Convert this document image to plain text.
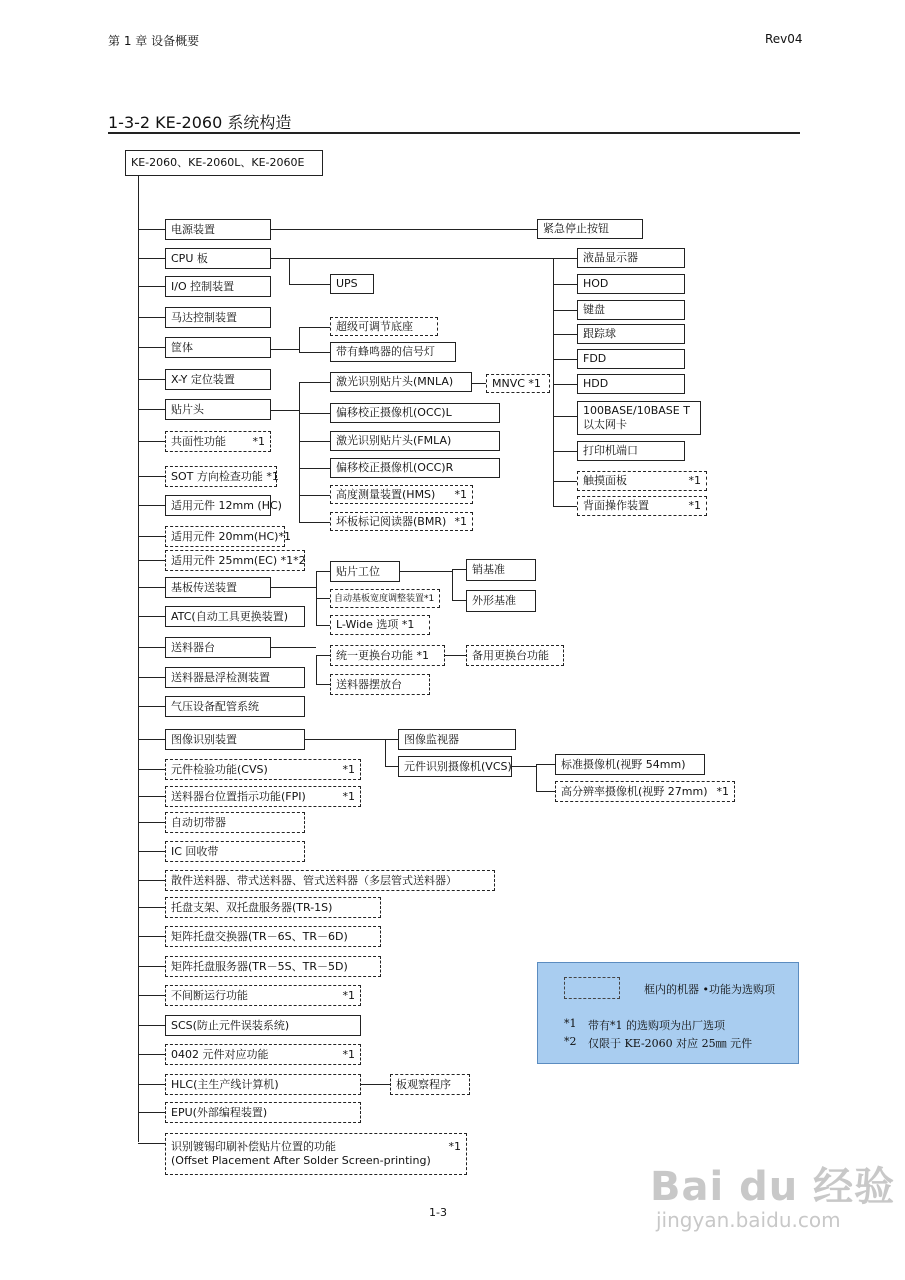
第 1 章 设备概要	Rev04
1-3-2 KE-2060 系统构造
KE-2060、KE-2060L、KE-2060E
电源装置
CPU 板
I/O 控制装置
马达控制装置
筐体
X-Y 定位装置
贴片头
共面性功能	*1
SOT 方向检查功能 *1
适用元件 12mm (HC)
适用元件 20mm(HC)*1
适用元件 25mm(EC) *1*2
基板传送装置
ATC(自动工具更换装置)
送料器台
送料器悬浮检测装置
气压设备配管系统
图像识别装置
元件检验功能(CVS)	*1
送料器台位置指示功能(FPI)	*1
自动切带器
IC 回收带
散件送料器、带式送料器、管式送料器（多层管式送料器）
托盘支架、双托盘服务器(TR-1S)
矩阵托盘交换器(TR－6S、TR－6D)
矩阵托盘服务器(TR－5S、TR－5D)
不间断运行功能	*1
SCS(防止元件误装系统)
0402 元件对应功能	*1
HLC(主生产线计算机)
EPU(外部编程装置)
识别镀锡印刷补偿贴片位置的功能	*1
(Offset Placement After Solder Screen-printing)
紧急停止按钮
UPS
超级可调节底座
带有蜂鸣器的信号灯
激光识别贴片头(MNLA)	MNVC *1
偏移校正摄像机(OCC)L
激光识别贴片头(FMLA)
偏移校正摄像机(OCC)R
高度测量装置(HMS)	*1
坏板标记阅读器(BMR) *1
液晶显示器
HOD
键盘
跟踪球
FDD
HDD
100BASE/10BASE T
以太网卡
打印机端口
触摸面板	*1
背面操作装置	*1
贴片工位
自动基板宽度调整装置*1
L-Wide 选项 *1
销基准
外形基准
统一更换台功能 *1	备用更换台功能
送料器摆放台
图像监视器
元件识别摄像机(VCS)	标准摄像机(视野 54mm)
高分辨率摄像机(视野 27mm) *1
板观察程序
框内的机器 •功能为选购项
*1 带有*1 的选购项为出厂选项
*2 仅限于 KE-2060 对应 25㎜ 元件
1-3
Bai du 经验
jingyan.baidu.com
